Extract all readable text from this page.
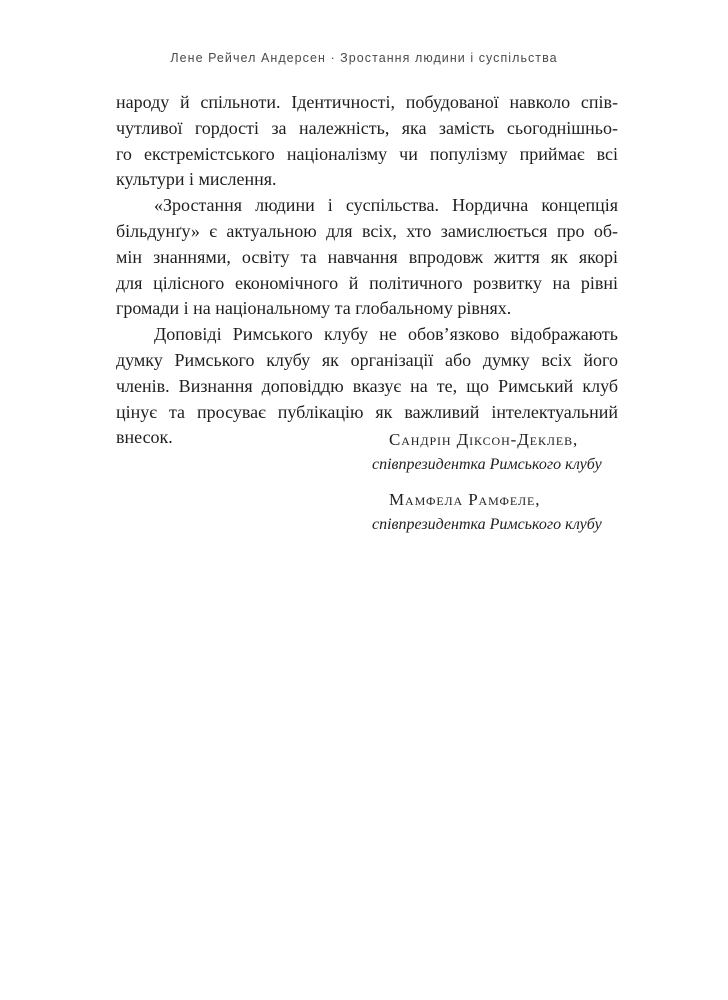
Лене Рейчел Андерсен · Зростання людини і суспільства
народу й спільноти. Ідентичності, побудованої навколо спів-
чутливої гордості за належність, яка замість сьогоднішньо-
го екстремістського націоналізму чи популізму приймає всі
культури і мислення.
«Зростання людини і суспільства. Нордична концепція
більдунґу» є актуальною для всіх, хто замислюється про об-
мін знаннями, освіту та навчання впродовж життя як якорі
для цілісного економічного й політичного розвитку на рівні
громади і на національному та глобальному рівнях.
Доповіді Римського клубу не обов’язково відображають
думку Римського клубу як організації або думку всіх його
членів. Визнання доповіддю вказує на те, що Римський клуб
цінує та просуває публікацію як важливий інтелектуальний
внесок.	Сандрін Діксон-Деклев,
співпрезидентка Римського клубу
Мамфела Рамфеле,
співпрезидентка Римського клубу
